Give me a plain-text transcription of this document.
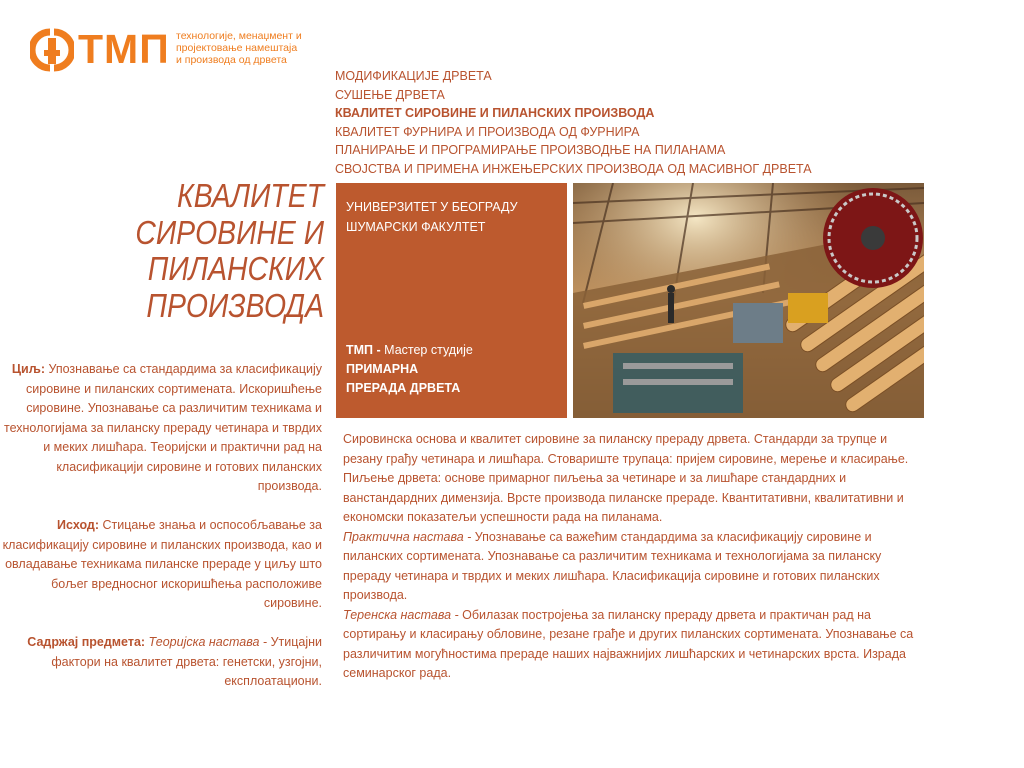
ТМП технологије, менаџмент и
пројектовање намештаја
и производа од дрвета
МОДИФИКАЦИЈЕ ДРВЕТА
СУШЕЊЕ ДРВЕТА
КВАЛИТЕТ СИРОВИНЕ И ПИЛАНСКИХ ПРОИЗВОДА
КВАЛИТЕТ ФУРНИРА И ПРОИЗВОДА ОД ФУРНИРА
ПЛАНИРАЊЕ И ПРОГРАМИРАЊЕ ПРОИЗВОДЊЕ НА ПИЛАНАМА
СВОЈСТВА И ПРИМЕНА ИНЖЕЊЕРСКИХ ПРОИЗВОДА ОД МАСИВНОГ ДРВЕТА
КВАЛИТЕТ
СИРОВИНЕ И
ПИЛАНСКИХ
ПРОИЗВОДА

Циљ: Упознавање са стандардима за класификацију сировине и пиланских сортимената. Искоришћење сировине. Упознавање са различитим техникама и технологијама за пиланску прераду четинара и тврдих и меких лишћара. Теоријски и практични рад на класификацији сировине и готових пиланских производа.

Исход: Стицање знања и оспособљавање за класификацију сировине и пиланских производа, као и овладавање техникама пиланске прераде у циљу што бољег вредносног искоришћења расположиве сировине.

Садржај предмета: Теоријска настава - Утицајни фактори на квалитет дрвета: генетски, узгојни, експлоатациони.

УНИВЕРЗИТЕТ У БЕОГРАДУ
ШУМАРСКИ ФАКУЛТЕТ
ТМП - Мастер студије
ПРИМАРНА
ПРЕРАДА ДРВЕТА

Сировинска основа и квалитет сировине за пиланску прераду дрвета. Стандарди за трупце и резану грађу четинара и лишћара. Стовариште трупаца: пријем сировине, мерење и класирање. Пиљење дрвета: основе примарног пиљења за четинаре и за лишћаре стандардних и ванстандардних димензија. Врсте производа пиланске прераде. Квантитативни, квалитативни и економски показатељи успешности рада на пиланама.
Практична настава - Упознавање са важећим стандардима за класификацију сировине и пиланских сортимената. Упознавање са различитим техникама и технологијама за пиланску прераду четинара и тврдих и меких лишћара. Класификација сировине и готових пиланских производа.
Теренска настава - Обилазак постројења за пиланску прераду дрвета и практичан рад на сортирању и класирању обловине, резане грађе и других пиланских сортимената. Упознавање са различитим могућностима прераде наших најважнијих лишћарских и четинарских врста. Израда семинарског рада.
